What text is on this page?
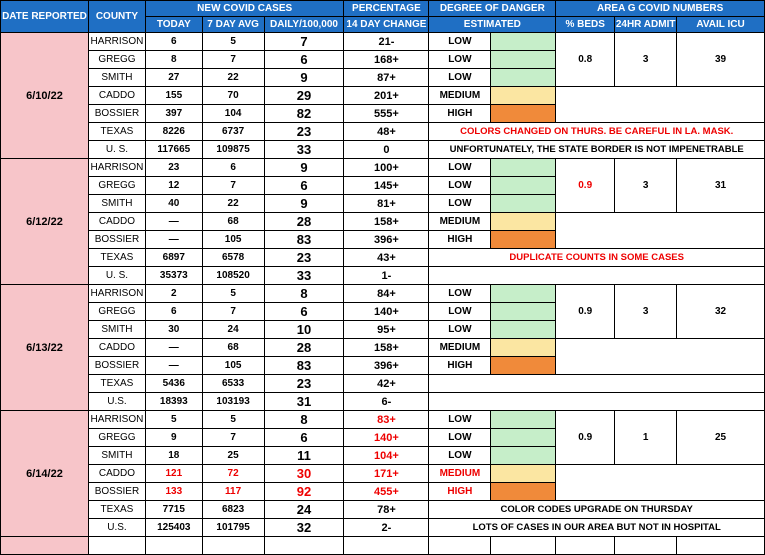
DATE REPORTED	COUNTY	NEW COVID CASES			PERCENTAGE	DEGREE OF DANGER		AREA G COVID NUMBERS		
		TODAY	7 DAY AVG	DAILY/100,000	14 DAY CHANGE	ESTIMATED		% BEDS	24HR ADMIT	AVAIL ICU
6/10/22	HARRISON	6	5	7	21-	LOW		0.8	3	39
	GREGG	8	7	6	168+	LOW				
	SMITH	27	22	9	87+	LOW				
	CADDO	155	70	29	201+	MEDIUM				
	BOSSIER	397	104	82	555+	HIGH				
	TEXAS	8226	6737	23	48+	COLORS CHANGED ON THURS. BE CAREFUL IN LA. MASK.				
	U. S.	117665	109875	33	0	UNFORTUNATELY, THE STATE BORDER IS NOT IMPENETRABLE				
6/12/22	HARRISON	23	6	9	100+	LOW		0.9	3	31
	GREGG	12	7	6	145+	LOW				
	SMITH	40	22	9	81+	LOW				
	CADDO	—	68	28	158+	MEDIUM				
	BOSSIER	—	105	83	396+	HIGH				
	TEXAS	6897	6578	23	43+	DUPLICATE COUNTS IN SOME CASES				
	U. S.	35373	108520	33	1-					
6/13/22	HARRISON	2	5	8	84+	LOW		0.9	3	32
	GREGG	6	7	6	140+	LOW				
	SMITH	30	24	10	95+	LOW				
	CADDO	—	68	28	158+	MEDIUM				
	BOSSIER	—	105	83	396+	HIGH				
	TEXAS	5436	6533	23	42+					
	U.S.	18393	103193	31	6-					
6/14/22	HARRISON	5	5	8	83+	LOW		0.9	1	25
	GREGG	9	7	6	140+	LOW				
	SMITH	18	25	11	104+	LOW				
	CADDO	121	72	30	171+	MEDIUM				
	BOSSIER	133	117	92	455+	HIGH				
	TEXAS	7715	6823	24	78+	COLOR CODES UPGRADE ON THURSDAY				
	U.S.	125403	101795	32	2-	LOTS OF CASES IN OUR AREA BUT NOT IN HOSPITAL				
